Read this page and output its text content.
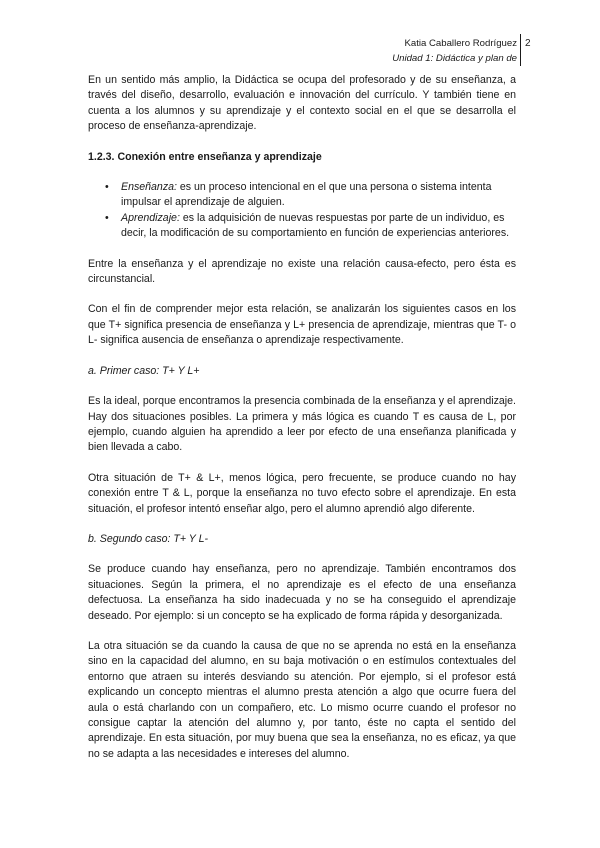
Katia Caballero Rodríguez
Unidad 1: Didáctica y plan de
2

En un sentido más amplio, la Didáctica se ocupa del profesorado y de su enseñanza, a través del diseño, desarrollo, evaluación e innovación del currículo. Y también tiene en cuenta a los alumnos y su aprendizaje y el contexto social en el que se desarrolla el proceso de enseñanza-aprendizaje.

1.2.3. Conexión entre enseñanza y aprendizaje
• Enseñanza: es un proceso intencional en el que una persona o sistema intenta impulsar el aprendizaje de alguien.
• Aprendizaje: es la adquisición de nuevas respuestas por parte de un individuo, es decir, la modificación de su comportamiento en función de experiencias anteriores.

Entre la enseñanza y el aprendizaje no existe una relación causa-efecto, pero ésta es circunstancial.

Con el fin de comprender mejor esta relación, se analizarán los siguientes casos en los que T+ significa presencia de enseñanza y L+ presencia de aprendizaje, mientras que T- o L- significa ausencia de enseñanza o aprendizaje respectivamente.

a. Primer caso: T+ Y L+

Es la ideal, porque encontramos la presencia combinada de la enseñanza y el aprendizaje. Hay dos situaciones posibles. La primera y más lógica es cuando T es causa de L, por ejemplo, cuando alguien ha aprendido a leer por efecto de una enseñanza planificada y bien llevada a cabo.

Otra situación de T+ & L+, menos lógica, pero frecuente, se produce cuando no hay conexión entre T & L, porque la enseñanza no tuvo efecto sobre el aprendizaje. En esta situación, el profesor intentó enseñar algo, pero el alumno aprendió algo diferente.

b. Segundo caso: T+ Y L-

Se produce cuando hay enseñanza, pero no aprendizaje. También encontramos dos situaciones. Según la primera, el no aprendizaje es el efecto de una enseñanza defectuosa. La enseñanza ha sido inadecuada y no se ha conseguido el aprendizaje deseado. Por ejemplo: si un concepto se ha explicado de forma rápida y desorganizada.

La otra situación se da cuando la causa de que no se aprenda no está en la enseñanza sino en la capacidad del alumno, en su baja motivación o en estímulos contextuales del entorno que atraen su interés desviando su atención. Por ejemplo, si el profesor está explicando un concepto mientras el alumno presta atención a algo que ocurre fuera del aula o está charlando con un compañero, etc. Lo mismo ocurre cuando el profesor no consigue captar la atención del alumno y, por tanto, éste no capta el sentido del aprendizaje. En esta situación, por muy buena que sea la enseñanza, no es eficaz, ya que no se adapta a las necesidades e intereses del alumno.
